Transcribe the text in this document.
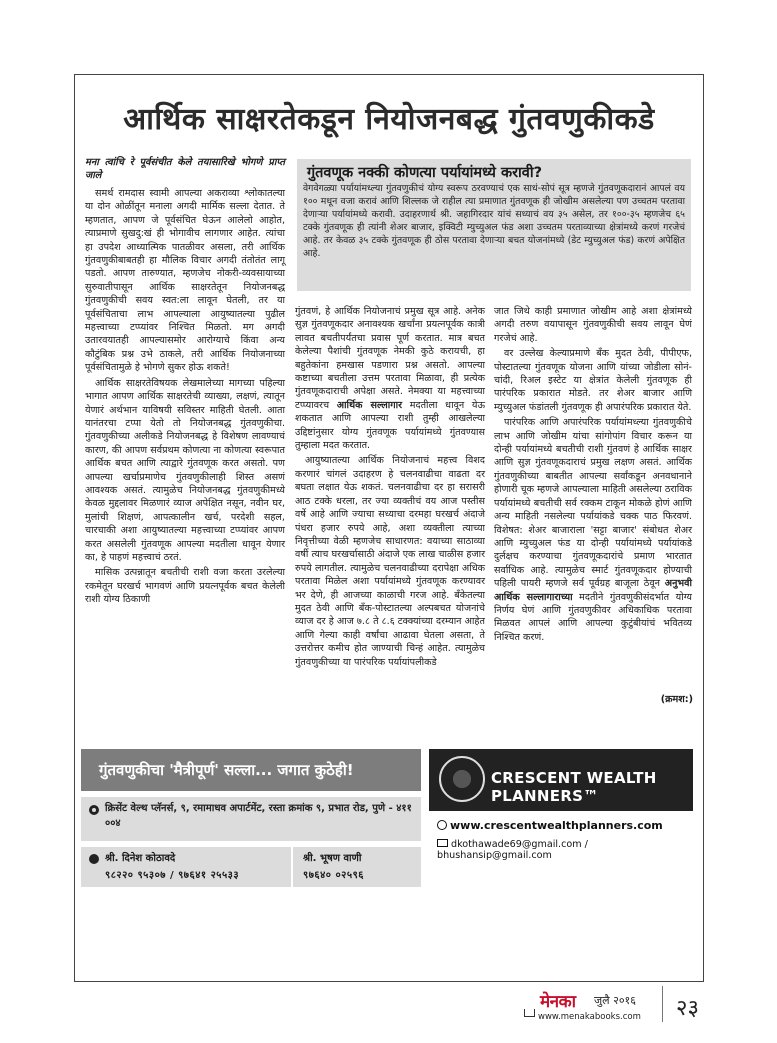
आर्थिक साक्षरतेकडून नियोजनबद्ध गुंतवणुकीकडे

मना त्वांचि रे पूर्वसंचीत केले तयासारिखे भोगणे प्राप्त जाले

समर्थ रामदास स्वामी आपल्या अकराव्या श्लोकातल्या या दोन ओळींतून मनाला अगदी मार्मिक सल्ला देतात. ते म्हणतात, आपण जे पूर्वसंचित घेऊन आलेलो आहोत, त्याप्रमाणे सुखदु:खं ही भोगावीच लागणार आहेत. त्यांचा हा उपदेश आध्यात्मिक पातळीवर असला, तरी आर्थिक गुंतवणुकीबाबतही हा मौलिक विचार अगदी तंतोतंत लागू पडतो. आपण तारुण्यात, म्हणजेच नोकरी-व्यवसायाच्या सुरुवातीपासून आर्थिक साक्षरतेतून नियोजनबद्ध गुंतवणुकीची सवय स्वत:ला लावून घेतली, तर या पूर्वसंचिताचा लाभ आपल्याला आयुष्यातल्या पुढील महत्त्वाच्या टप्प्यांवर निश्चित मिळतो. मग अगदी उतारवयातही आपल्यासमोर आरोग्याचे किंवा अन्य कौटुंबिक प्रश्न उभे ठाकले, तरी आर्थिक नियोजनाच्या पूर्वसंचितामुळे हे भोगणे सुकर होऊ शकते!

आर्थिक साक्षरतेविषयक लेखमालेच्या मागच्या पहिल्या भागात आपण आर्थिक साक्षरतेची व्याख्या, लक्षणं, त्यातून येणारं अर्थभान याविषयी सविस्तर माहिती घेतली. आता यानंतरचा टप्पा येतो तो नियोजनबद्ध गुंतवणुकीचा. गुंतवणुकीच्या अलीकडे नियोजनबद्ध हे विशेषण लावण्याचं कारण, की आपण सर्वप्रथम कोणत्या ना कोणत्या स्वरूपात आर्थिक बचत आणि त्याद्वारे गुंतवणूक करत असतो. पण आपल्या खर्चाप्रमाणेच गुंतवणुकीलाही शिस्त असणं आवश्यक असतं. त्यामुळेच नियोजनबद्ध गुंतवणुकीमध्ये केवळ मुद्दलावर मिळणारं व्याज अपेक्षित नसून, नवीन घर, मुलांची शिक्षणं, आपत्कालीन खर्च, परदेशी सहल, चारचाकी अशा आयुष्यातल्या महत्त्वाच्या टप्प्यांवर आपण करत असलेली गुंतवणूक आपल्या मदतीला धावून येणार का, हे पाहणं महत्त्वाचं ठरतं.

मासिक उत्पन्नातून बचतीची राशी वजा करता उरलेल्या रकमेतून घरखर्च भागवणं आणि प्रयत्नपूर्वक बचत केलेली राशी योग्य ठिकाणी

गुंतवणूक नक्की कोणत्या पर्यायांमध्ये करावी?

वेगवेगळ्या पर्यायांमध्ल्या गुंतवणुकीचं योग्य स्वरूप ठरवण्याचं एक साधं-सोपं सूत्र म्हणजे गुंतवणूकदारानं आपलं वय १०० मधून वजा करावं आणि शिल्लक जे राहील त्या प्रमाणात गुंतवणूक ही जोखीम असलेल्या पण उच्चतम परतावा देणाऱ्या पर्यायांमध्ये करावी. उदाहरणार्थ श्री. जहागिरदार यांचं सध्याचं वय ३५ असेल, तर १००-३५ म्हणजेच ६५ टक्के गुंतवणूक ही त्यांनी शेअर बाजार, इक्विटी म्युच्युअल फंड अशा उच्चतम परताव्याच्या क्षेत्रांमध्ये करणं गरजेचं आहे. तर केवळ ३५ टक्के गुंतवणूक ही ठोस परतावा देणाऱ्या बचत योजनांमध्ये (डेट म्युच्युअल फंड) करणं अपेक्षित आहे.

गुंतवणं, हे आर्थिक नियोजनाचं प्रमुख सूत्र आहे. अनेक सुज्ञ गुंतवणूकदार अनावश्यक खर्चांना प्रयत्नपूर्वक कात्री लावत बचतीपर्यंतचा प्रवास पूर्ण करतात. मात्र बचत केलेल्या पैशांची गुंतवणूक नेमकी कुठे करायची, हा बहुतेकांना हमखास पडणारा प्रश्न असतो. आपल्या कष्टाच्या बचतीला उत्तम परतावा मिळावा, ही प्रत्येक गुंतवणूकदाराची अपेक्षा असते. नेमक्या या महत्त्वाच्या टप्प्यावरच आर्थिक सल्लागार मदतीला धावून येऊ शकतात आणि आपल्या राशी तुम्ही आखलेल्या उद्दिष्टांनुसार योग्य गुंतवणूक पर्यायांमध्ये गुंतवण्यास तुम्हाला मदत करतात.

आयुष्यातल्या आर्थिक नियोजनाचं महत्त्व विशद करणारं चांगलं उदाहरण हे चलनवाढीचा वाढता दर बघता लक्षात येऊ शकतं. चलनवाढीचा दर हा सरासरी आठ टक्के धरला, तर ज्या व्यक्तीचं वय आज पस्तीस वर्षे आहे आणि ज्याचा सध्याचा दरमहा घरखर्च अंदाजे पंधरा हजार रुपये आहे, अशा व्यक्तीला त्याच्या निवृत्तीच्या वेळी म्हणजेच साधारणत: वयाच्या साठाव्या वर्षी त्याच घरखर्चासाठी अंदाजे एक लाख चाळीस हजार रुपये लागतील. त्यामुळेच चलनवाढीच्या दरापेक्षा अधिक परतावा मिळेल अशा पर्यायांमध्ये गुंतवणूक करण्यावर भर देणे, ही आजच्या काळाची गरज आहे. बँकेतल्या मुदत ठेवी आणि बँक-पोस्टातल्या अल्पबचत योजनांचे व्याज दर हे आज ७.८ ते ८.६ टक्क्यांच्या दरम्यान आहेत आणि गेल्या काही वर्षांचा आढावा घेतला असता, ते उत्तरोत्तर कमीच होत जाण्याची चिन्हं आहेत. त्यामुळेच गुंतवणुकीच्या या पारंपरिक पर्यायांपलीकडे

जात जिथे काही प्रमाणात जोखीम आहे अशा क्षेत्रांमध्ये अगदी तरुण वयापासून गुंतवणुकीची सवय लावून घेणं गरजेचं आहे.

वर उल्लेख केल्याप्रमाणे बँक मुदत ठेवी, पीपीएफ, पोस्टातल्या गुंतवणूक योजना आणि यांच्या जोडीला सोनं-चांदी, रिअल इस्टेट या क्षेत्रांत केलेली गुंतवणूक ही पारंपरिक प्रकारात मोडते. तर शेअर बाजार आणि म्युच्युअल फंडांतली गुंतवणूक ही अपारंपरिक प्रकारात येते.

पारंपरिक आणि अपारंपरिक पर्यायांमध्ल्या गुंतवणुकीचे लाभ आणि जोखीम यांचा सांगोपांग विचार करून या दोन्ही पर्यायांमध्ये बचतीची राशी गुंतवणं हे आर्थिक साक्षर आणि सुज्ञ गुंतवणूकदाराचं प्रमुख लक्षण असतं. आर्थिक गुंतवणुकीच्या बाबतीत आपल्या सर्वांकडून अनवधानाने होणारी चूक म्हणजे आपल्याला माहिती असलेल्या ठराविक पर्यायांमध्ये बचतीची सर्व रक्कम टाकून मोकळे होणं आणि अन्य माहिती नसलेल्या पर्यायांकडे चक्क पाठ फिरवणं. विशेषत: शेअर बाजाराला 'सट्टा बाजार' संबोधत शेअर आणि म्युच्युअल फंड या दोन्ही पर्यायांमध्ये पर्यायांकडे दुर्लक्षच करण्याचा गुंतवणूकदारांचे प्रमाण भारतात सर्वाधिक आहे. त्यामुळेच स्मार्ट गुंतवणूकदार होण्याची पहिली पायरी म्हणजे सर्व पूर्वग्रह बाजूला ठेवून अनुभवी आर्थिक सल्लागाराच्या मदतीने गुंतवणुकीसंदर्भात योग्य निर्णय घेणं आणि गुंतवणुकीवर अधिकाधिक परतावा मिळवत आपलं आणि आपल्या कुटुंबीयांचं भवितव्य निश्चित करणं.

(क्रमश:)
गुंतवणुकीचा 'मैत्रीपूर्ण' सल्ला... जगात कुठेही!

क्रिसेंट वेल्थ प्लॅनर्स, ९, रमामाधव अपार्टमेंट, रस्ता क्रमांक ९, प्रभात रोड, पुणे - ४११ ००४

श्री. दिनेश कोठावदे
९८२२० ९५३०७ / ९७६४१ २५५३३
श्री. भूषण वाणी
९७६४० ०२५९६
CRESCENT WEALTH PLANNERS™
www.crescentwealthplanners.com
dkothawade69@gmail.com / bhushansip@gmail.com
मेनका जुलै २०१६
www.menakabooks.com २३
